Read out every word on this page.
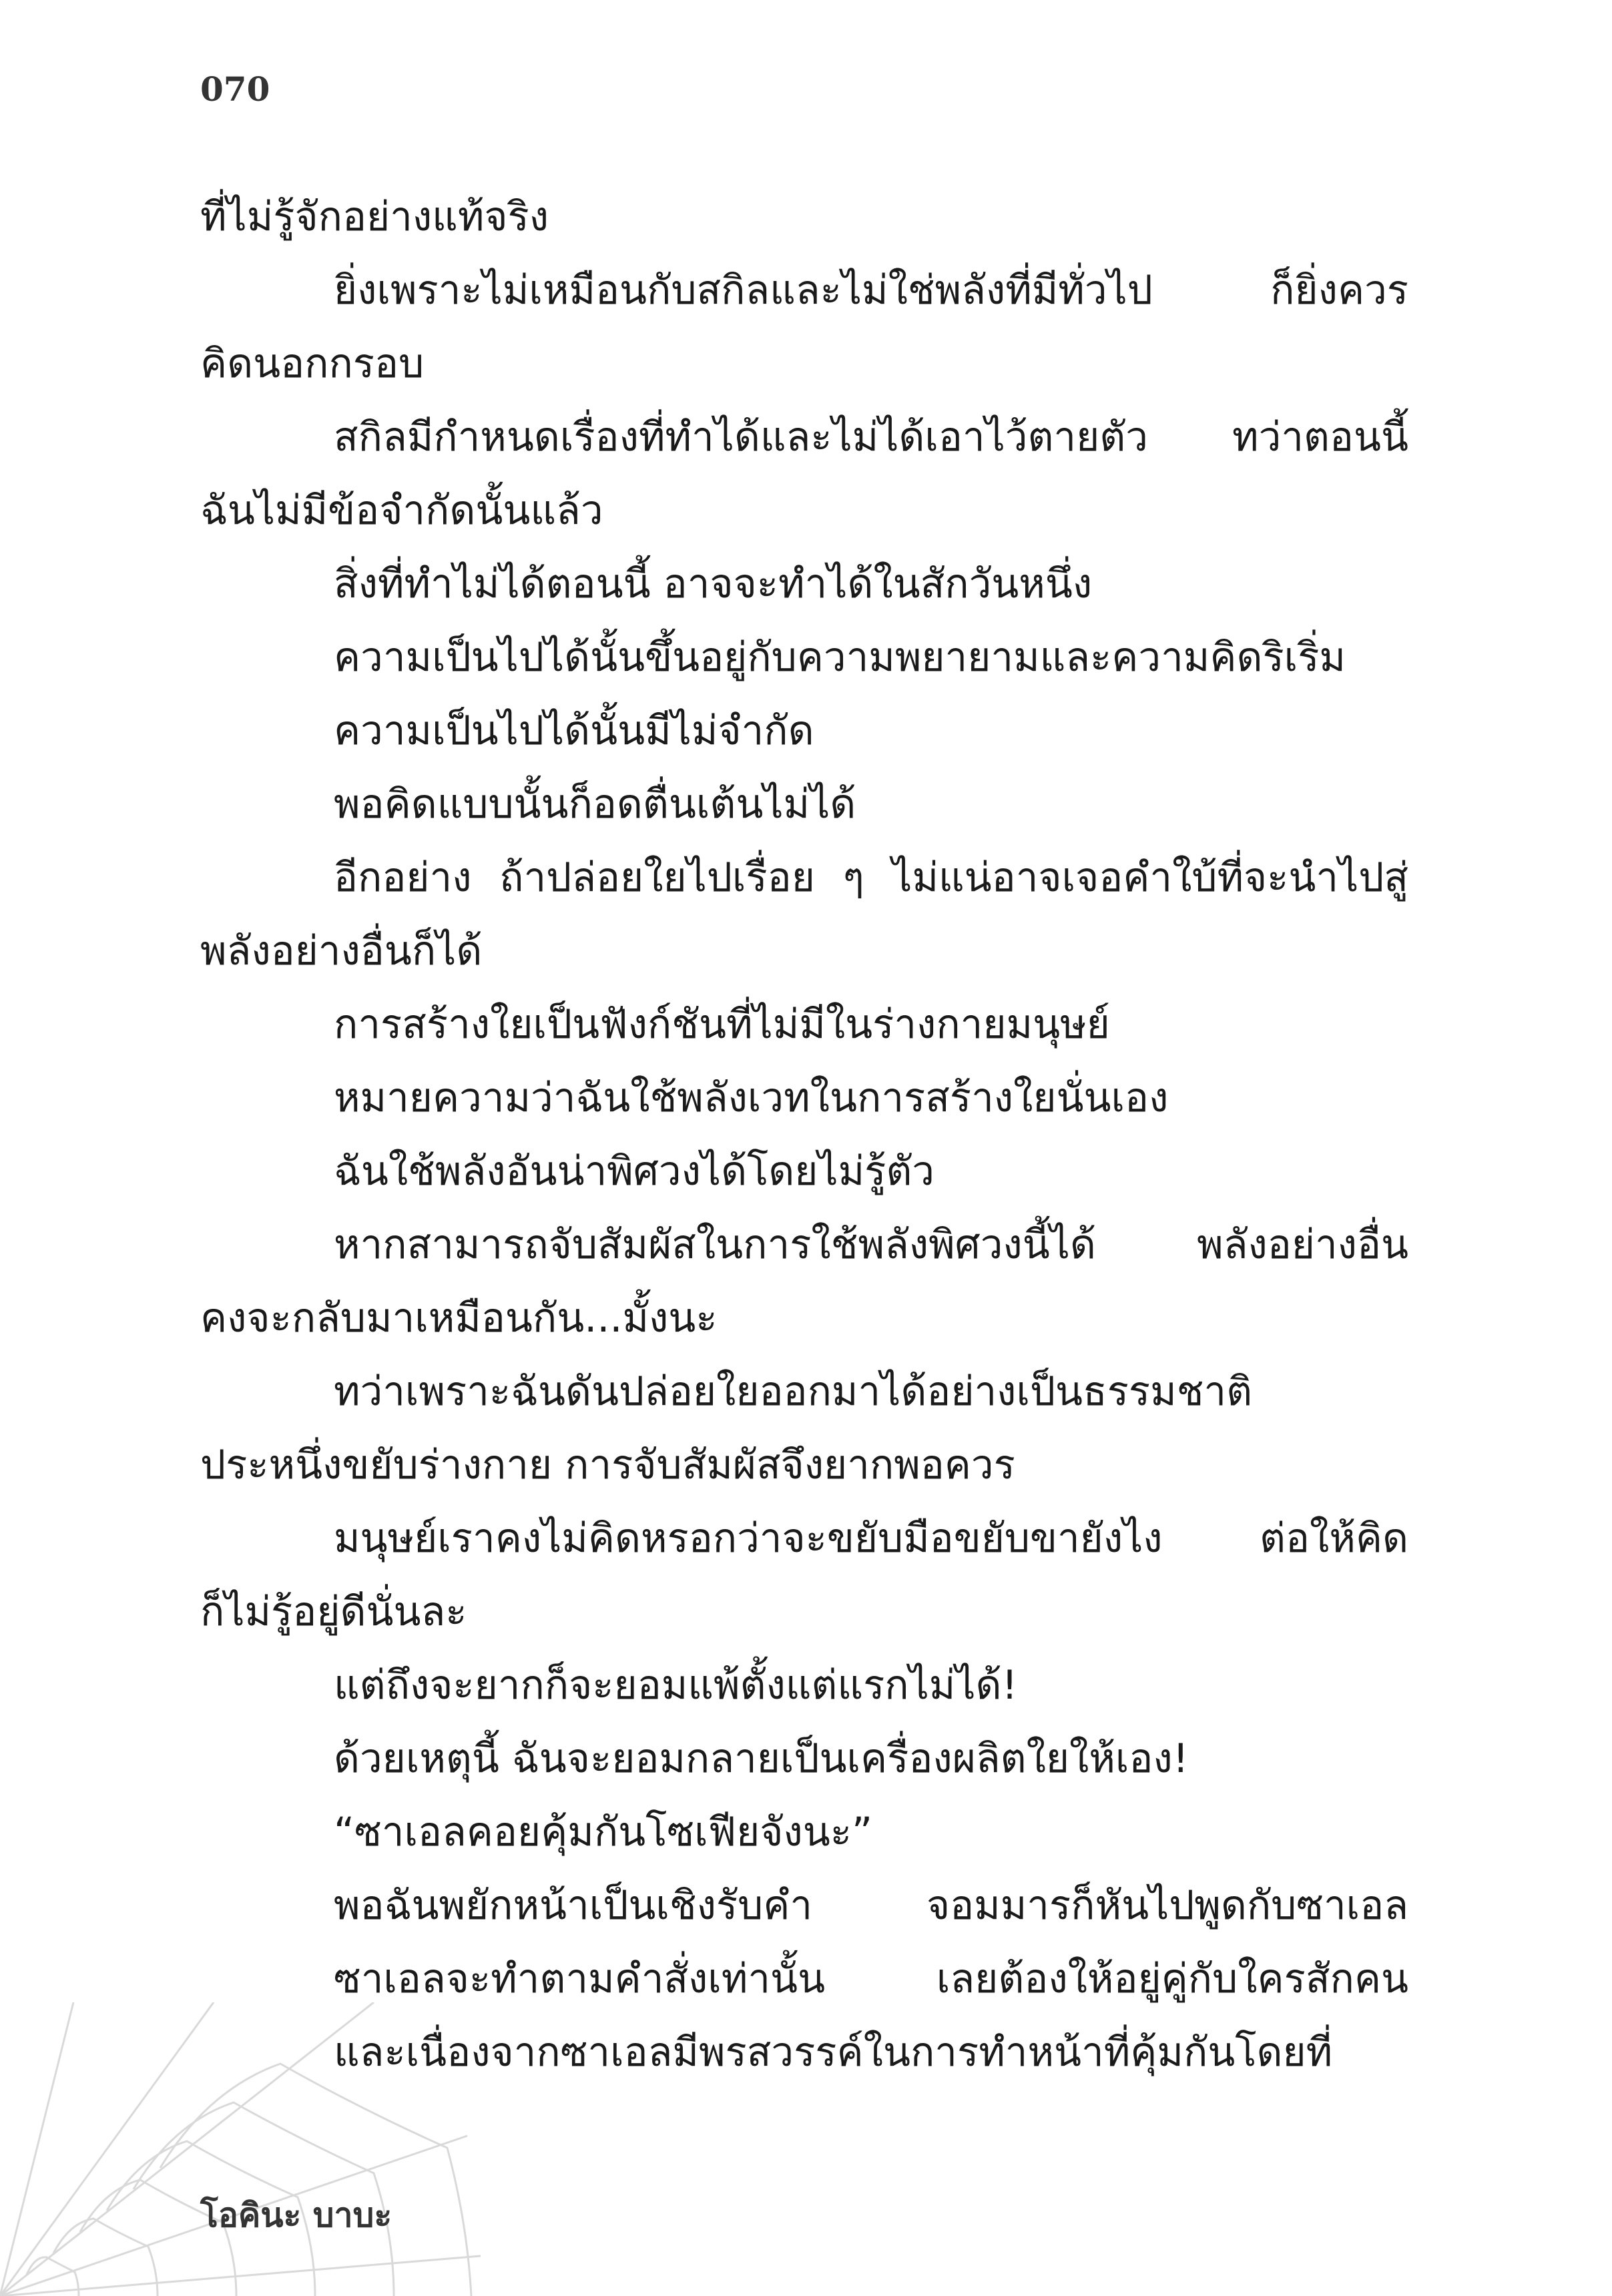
070
ที่ไม่รู้จักอย่างแท้จริง
ยิ่งเพราะไม่เหมือนกับสกิลและไม่ใช่พลังที่มีทั่วไป ก็ยิ่งควร
คิดนอกกรอบ
สกิลมีกำหนดเรื่องที่ทำได้และไม่ได้เอาไว้ตายตัว ทว่าตอนนี้
ฉันไม่มีข้อจำกัดนั้นแล้ว
สิ่งที่ทำไม่ได้ตอนนี้ อาจจะทำได้ในสักวันหนึ่ง
ความเป็นไปได้นั้นขึ้นอยู่กับความพยายามและความคิดริเริ่ม
ความเป็นไปได้นั้นมีไม่จำกัด
พอคิดแบบนั้นก็อดตื่นเต้นไม่ได้
อีกอย่าง ถ้าปล่อยใยไปเรื่อย ๆ ไม่แน่อาจเจอคำใบ้ที่จะนำไปสู่
พลังอย่างอื่นก็ได้
การสร้างใยเป็นฟังก์ชันที่ไม่มีในร่างกายมนุษย์
หมายความว่าฉันใช้พลังเวทในการสร้างใยนั่นเอง
ฉันใช้พลังอันน่าพิศวงได้โดยไม่รู้ตัว
หากสามารถจับสัมผัสในการใช้พลังพิศวงนี้ได้ พลังอย่างอื่น
คงจะกลับมาเหมือนกัน...มั้งนะ
ทว่าเพราะฉันดันปล่อยใยออกมาได้อย่างเป็นธรรมชาติ
ประหนึ่งขยับร่างกาย การจับสัมผัสจึงยากพอควร
มนุษย์เราคงไม่คิดหรอกว่าจะขยับมือขยับขายังไง ต่อให้คิด
ก็ไม่รู้อยู่ดีนั่นละ
แต่ถึงจะยากก็จะยอมแพ้ตั้งแต่แรกไม่ได้!
ด้วยเหตุนี้ ฉันจะยอมกลายเป็นเครื่องผลิตใยให้เอง!
“ซาเอลคอยคุ้มกันโซเฟียจังนะ”
พอฉันพยักหน้าเป็นเชิงรับคำ จอมมารก็หันไปพูดกับซาเอล
ซาเอลจะทำตามคำสั่งเท่านั้น เลยต้องให้อยู่คู่กับใครสักคน
และเนื่องจากซาเอลมีพรสวรรค์ในการทำหน้าที่คุ้มกันโดยที่
โอคินะ บาบะ
